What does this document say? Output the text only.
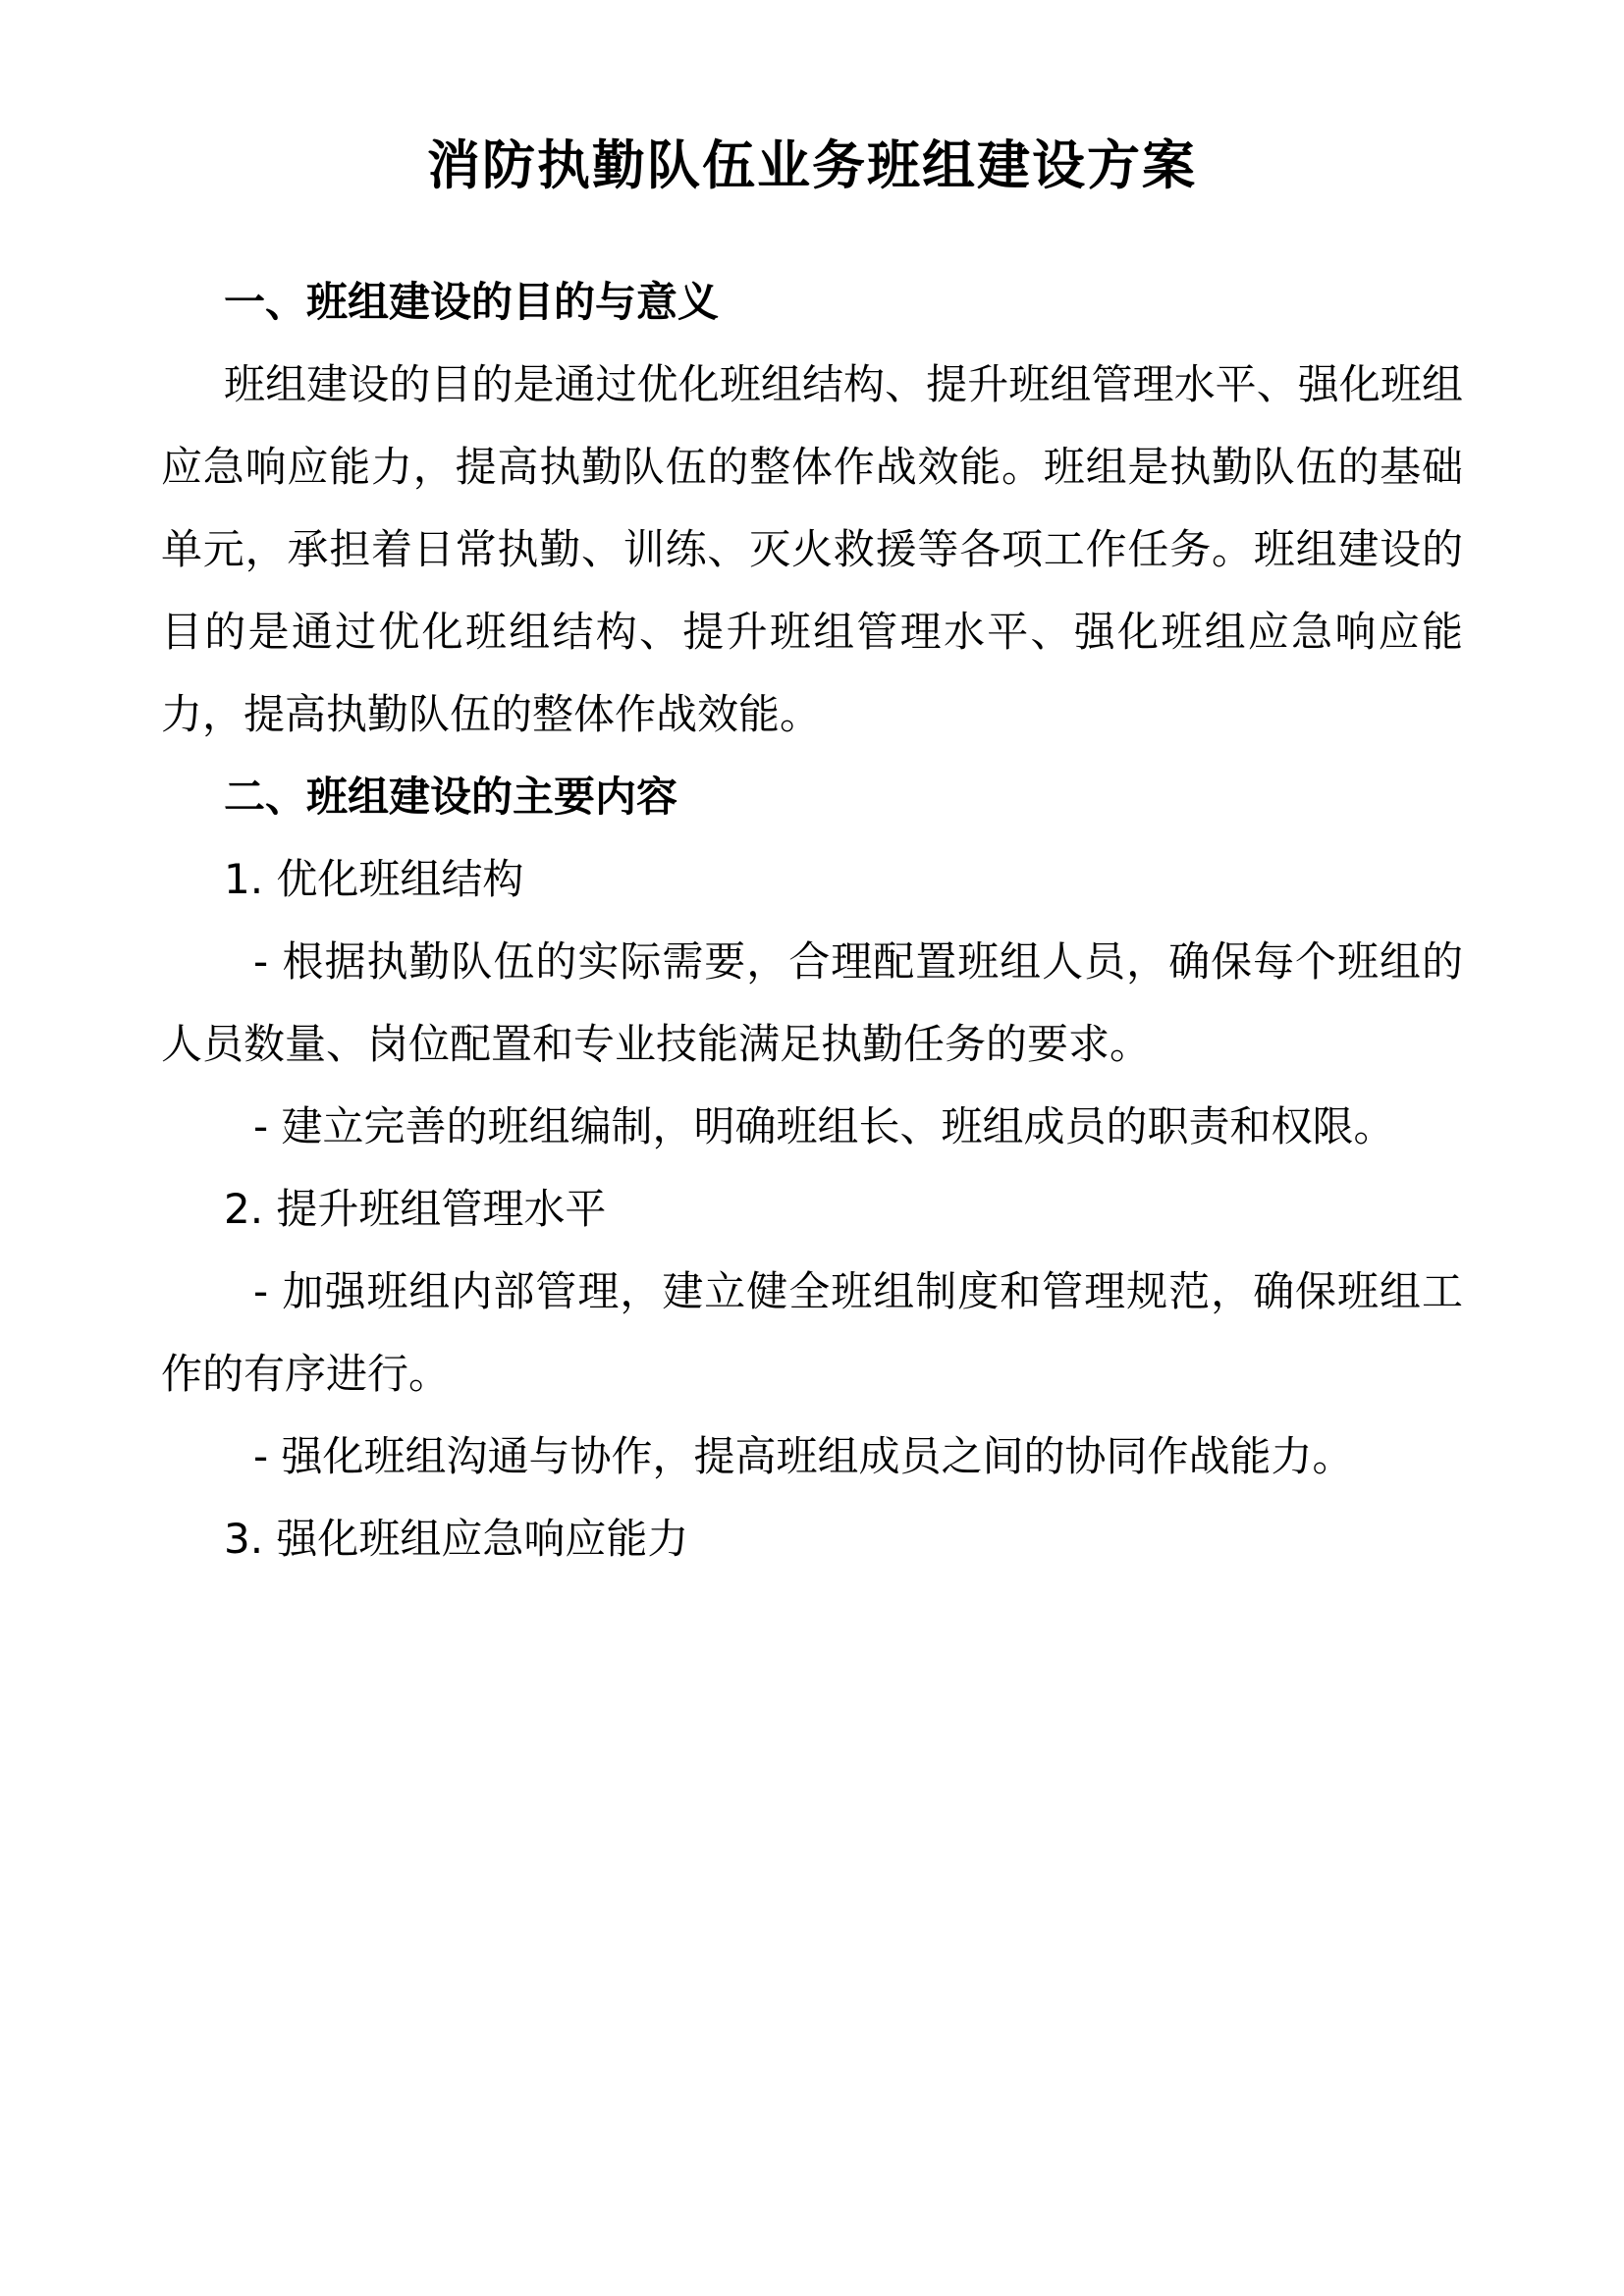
消防执勤队伍业务班组建设方案

一、班组建设的目的与意义

班组建设的目的是通过优化班组结构、提升班组管理水平、强化班组应急响应能力，提高执勤队伍的整体作战效能。班组是执勤队伍的基础单元，承担着日常执勤、训练、灭火救援等各项工作任务。班组建设的目的是通过优化班组结构、提升班组管理水平、强化班组应急响应能力，提高执勤队伍的整体作战效能。

二、班组建设的主要内容

1. 优化班组结构

- 根据执勤队伍的实际需要，合理配置班组人员，确保每个班组的人员数量、岗位配置和专业技能满足执勤任务的要求。

- 建立完善的班组编制，明确班组长、班组成员的职责和权限。

2. 提升班组管理水平

- 加强班组内部管理，建立健全班组制度和管理规范，确保班组工作的有序进行。

- 强化班组沟通与协作，提高班组成员之间的协同作战能力。

3. 强化班组应急响应能力
